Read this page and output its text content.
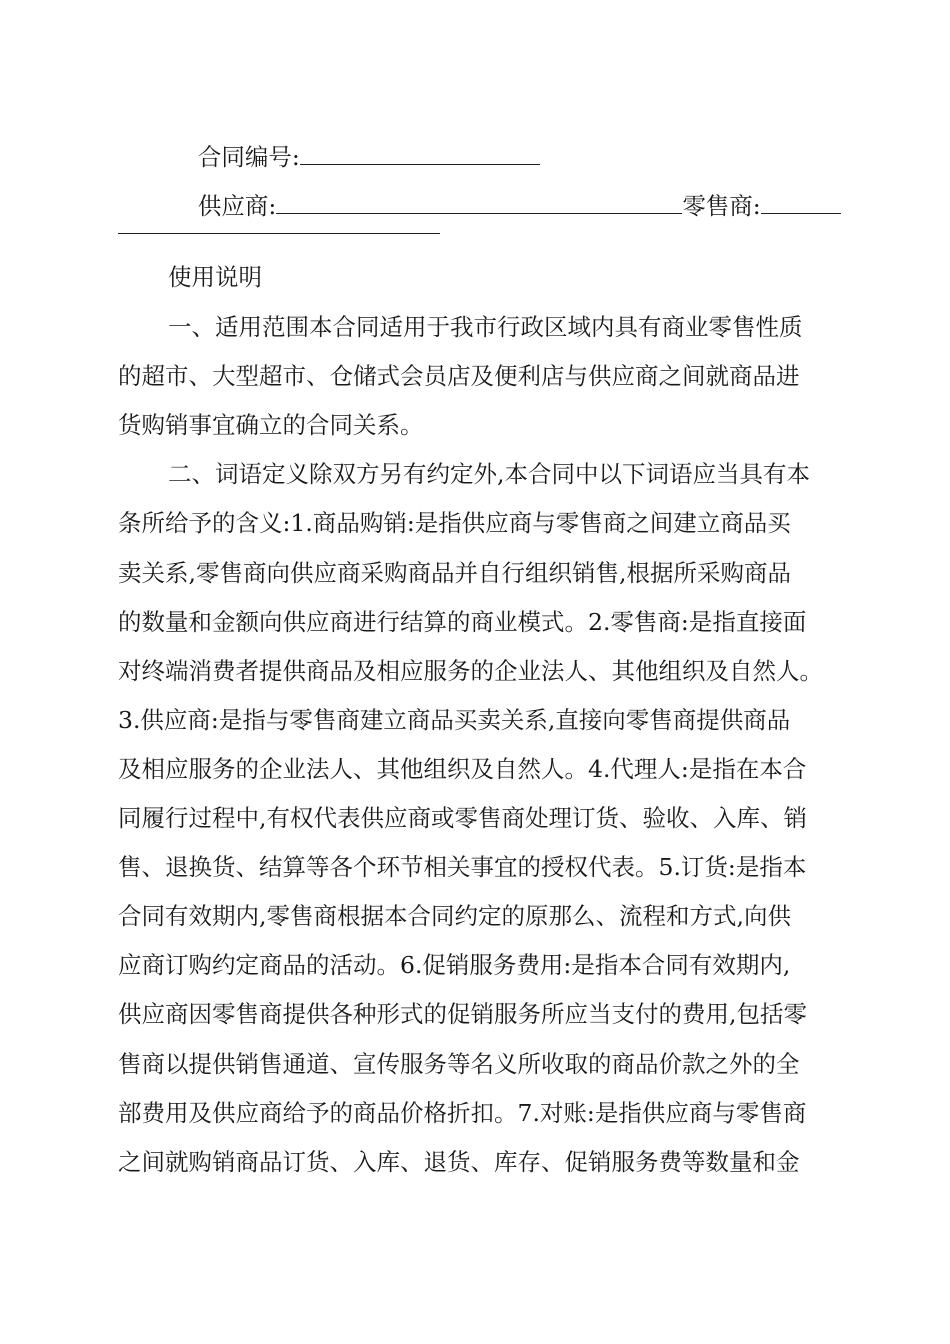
合同编号:

供应商:	零售商:

使用说明
一、适用范围本合同适用于我市行政区域内具有商业零售性质
的超市、大型超市、仓储式会员店及便利店与供应商之间就商品进
货购销事宜确立的合同关系。
二、词语定义除双方另有约定外,本合同中以下词语应当具有本
条所给予的含义:1.商品购销:是指供应商与零售商之间建立商品买
卖关系,零售商向供应商采购商品并自行组织销售,根据所采购商品
的数量和金额向供应商进行结算的商业模式。2.零售商:是指直接面
对终端消费者提供商品及相应服务的企业法人、其他组织及自然人。
3.供应商:是指与零售商建立商品买卖关系,直接向零售商提供商品
及相应服务的企业法人、其他组织及自然人。4.代理人:是指在本合
同履行过程中,有权代表供应商或零售商处理订货、验收、入库、销
售、退换货、结算等各个环节相关事宜的授权代表。5.订货:是指本
合同有效期内,零售商根据本合同约定的原那么、流程和方式,向供
应商订购约定商品的活动。6.促销服务费用:是指本合同有效期内,
供应商因零售商提供各种形式的促销服务所应当支付的费用,包括零
售商以提供销售通道、宣传服务等名义所收取的商品价款之外的全
部费用及供应商给予的商品价格折扣。7.对账:是指供应商与零售商
之间就购销商品订货、入库、退货、库存、促销服务费等数量和金
